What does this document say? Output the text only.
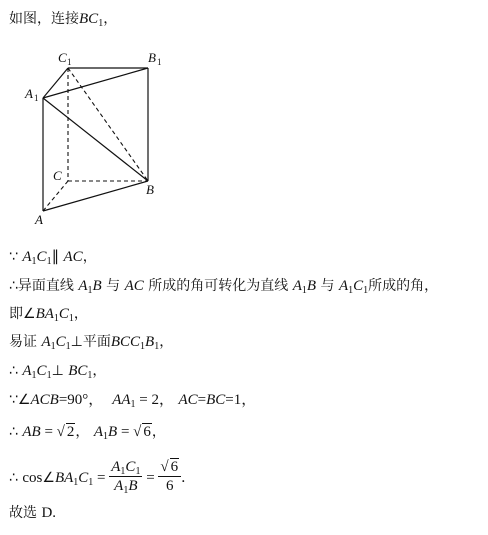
如图，连接$BC_1$，
C 1	B 1
A 1
C
B
A
∵ $A_1C_1\parallel$ AC，
∴异面直线 $A_1B$ 与 AC 所成的角可转化为直线 $A_1B$ 与 $A_1C_1$所成的角，
即$\angle BA_1C_1$，
易证 $A_1C_1\perp$平面$BCC_1B_1$，
∴ $A_1C_1\perp$ $BC_1$，
∵∠ACB=90°， $AA_1 = 2$， AC=BC=1，
∴ AB = √ 2， $A_1B$ = √ 6，
∴ $\cos\angle BA_1C_1 = \frac{A_1C_1}{A_1B} = \frac{√ 6}{6}$ ．
故选 D.
